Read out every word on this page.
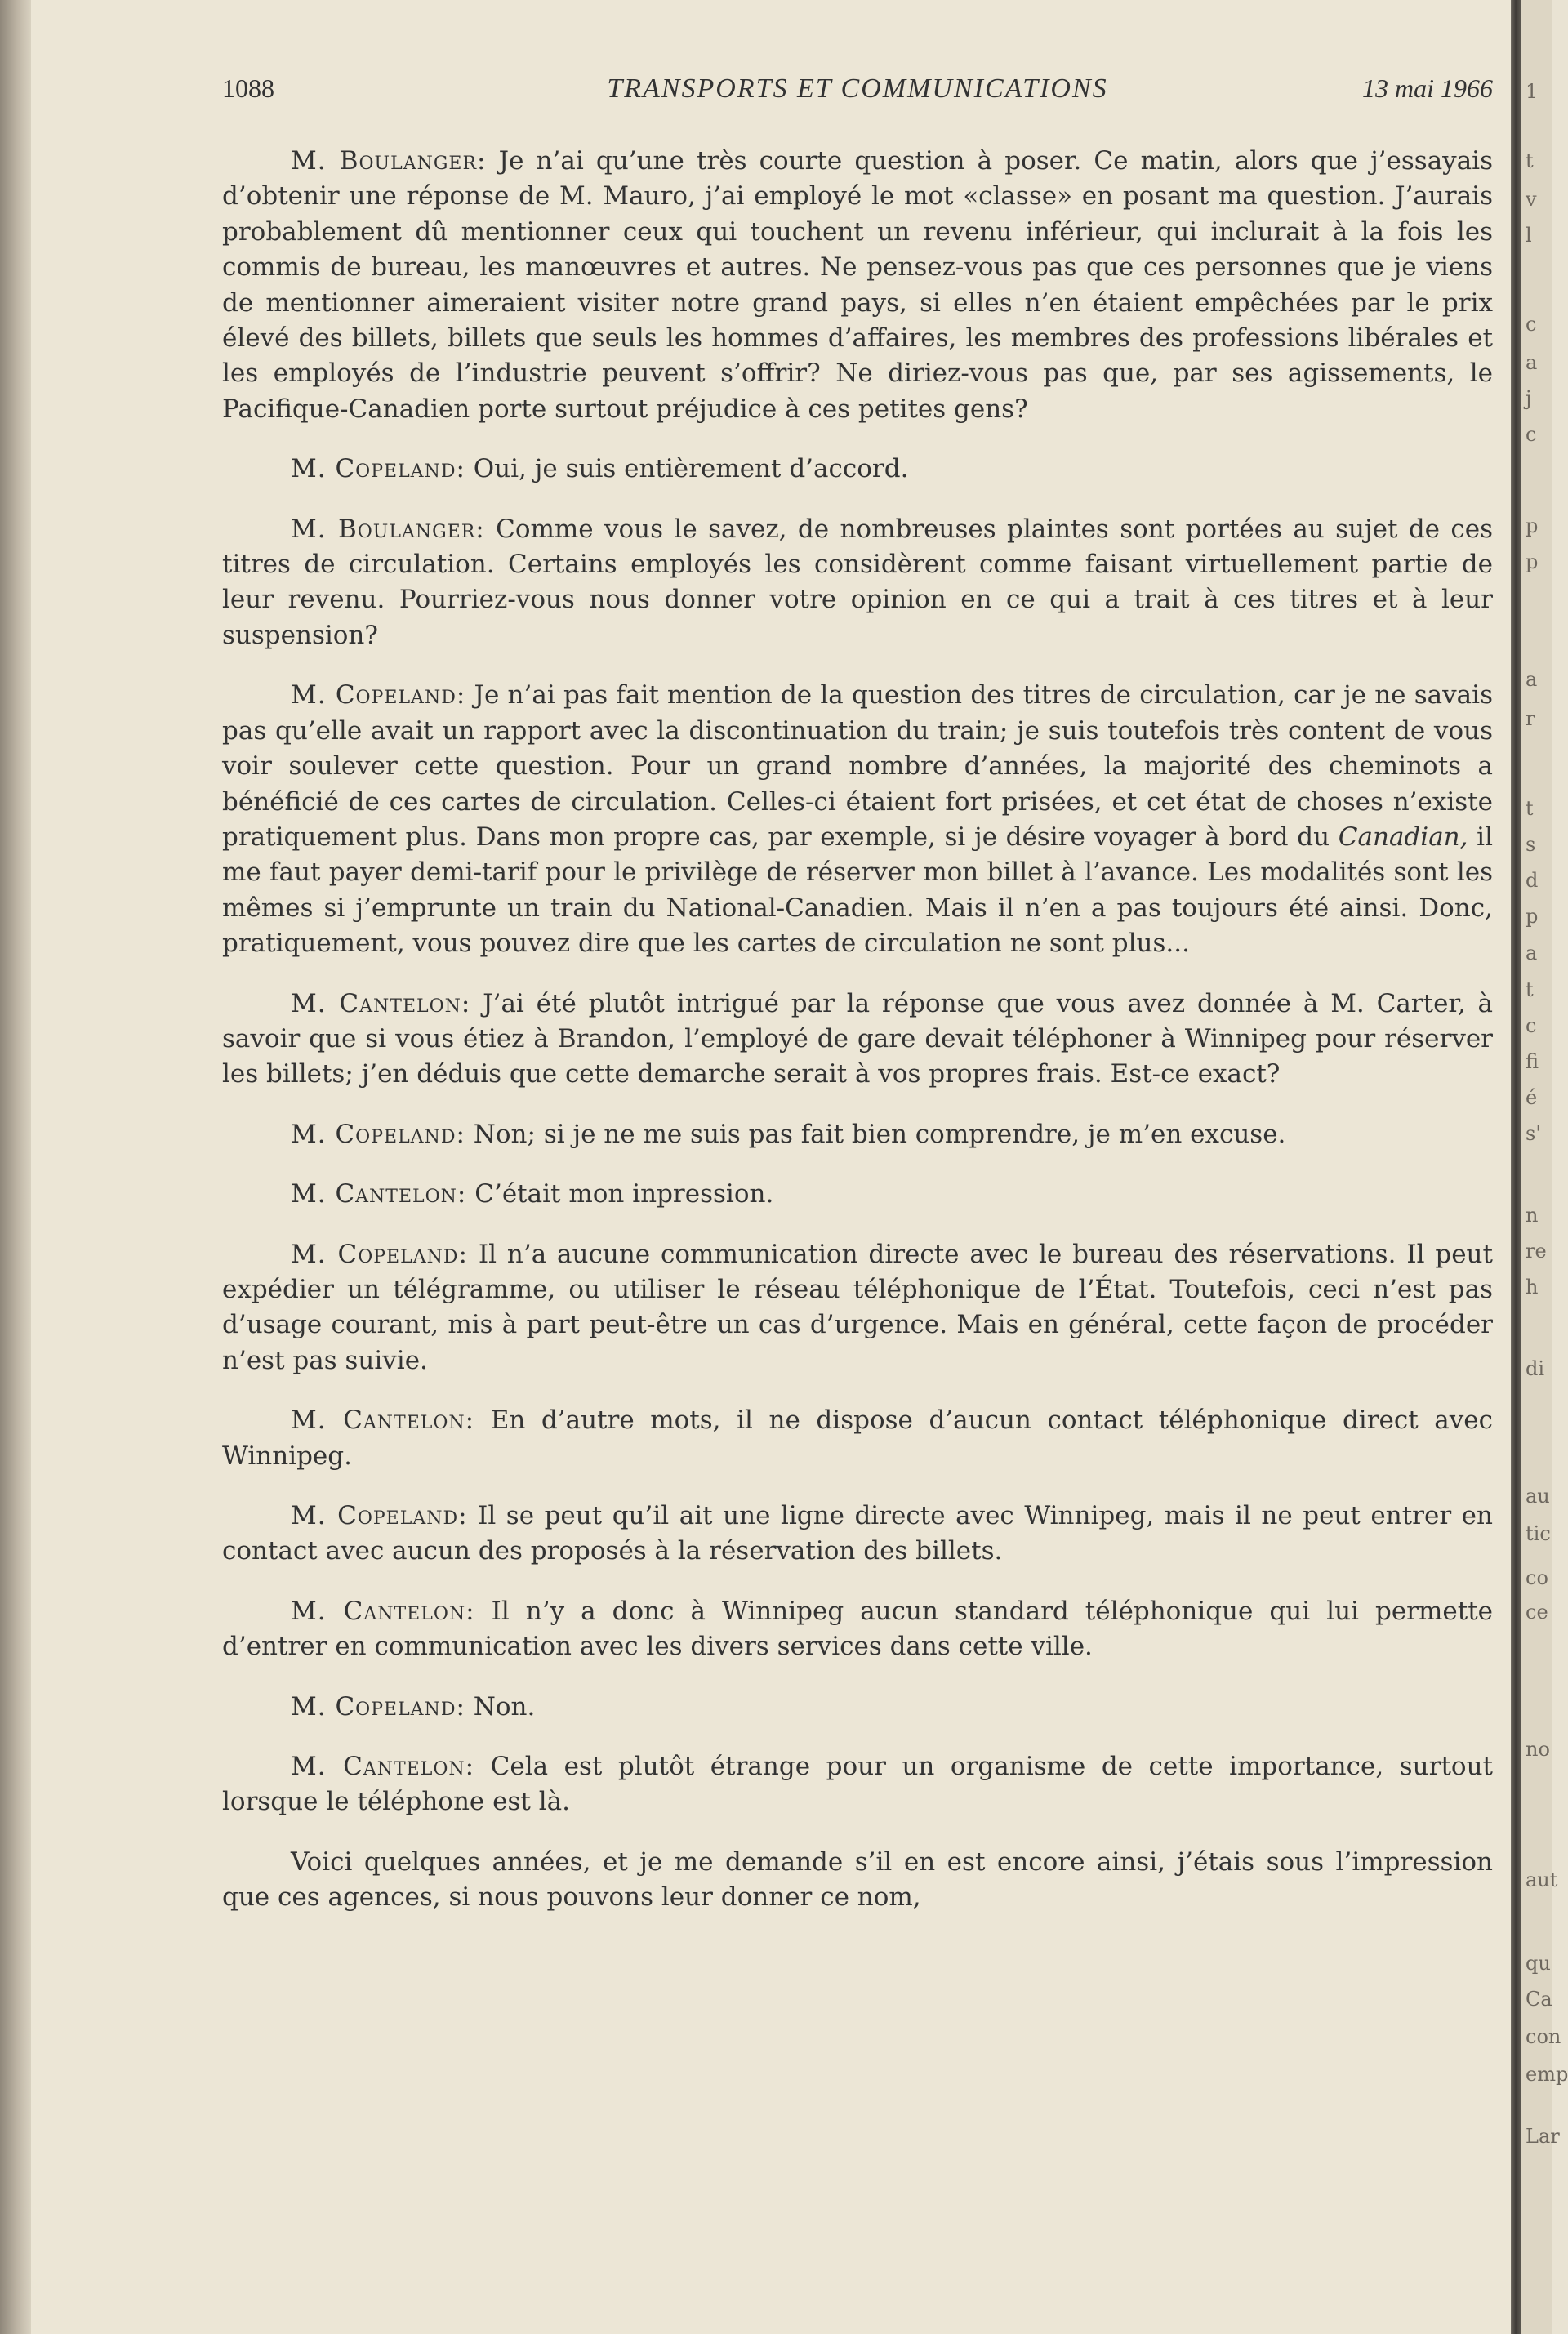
1088	TRANSPORTS ET COMMUNICATIONS	13 mai 1966

M. Boulanger: Je n’ai qu’une très courte question à poser. Ce matin, alors que j’essayais d’obtenir une réponse de M. Mauro, j’ai employé le mot «classe» en posant ma question. J’aurais probablement dû mentionner ceux qui touchent un revenu inférieur, qui inclurait à la fois les commis de bureau, les manœuvres et autres. Ne pensez-vous pas que ces personnes que je viens de mentionner aimeraient visiter notre grand pays, si elles n’en étaient empêchées par le prix élevé des billets, billets que seuls les hommes d’affaires, les membres des professions libérales et les employés de l’industrie peuvent s’offrir? Ne diriez-vous pas que, par ses agissements, le Pacifique-Canadien porte surtout préjudice à ces petites gens?

M. Copeland: Oui, je suis entièrement d’accord.

M. Boulanger: Comme vous le savez, de nombreuses plaintes sont portées au sujet de ces titres de circulation. Certains employés les considèrent comme faisant virtuellement partie de leur revenu. Pourriez-vous nous donner votre opinion en ce qui a trait à ces titres et à leur suspension?

M. Copeland: Je n’ai pas fait mention de la question des titres de circulation, car je ne savais pas qu’elle avait un rapport avec la discontinuation du train; je suis toutefois très content de vous voir soulever cette question. Pour un grand nombre d’années, la majorité des cheminots a bénéficié de ces cartes de circulation. Celles-ci étaient fort prisées, et cet état de choses n’existe pratiquement plus. Dans mon propre cas, par exemple, si je désire voyager à bord du Canadian, il me faut payer demi-tarif pour le privilège de réserver mon billet à l’avance. Les modalités sont les mêmes si j’emprunte un train du National-Canadien. Mais il n’en a pas toujours été ainsi. Donc, pratiquement, vous pouvez dire que les cartes de circulation ne sont plus...

M. Cantelon: J’ai été plutôt intrigué par la réponse que vous avez donnée à M. Carter, à savoir que si vous étiez à Brandon, l’employé de gare devait téléphoner à Winnipeg pour réserver les billets; j’en déduis que cette demarche serait à vos propres frais. Est-ce exact?

M. Copeland: Non; si je ne me suis pas fait bien comprendre, je m’en excuse.

M. Cantelon: C’était mon inpression.

M. Copeland: Il n’a aucune communication directe avec le bureau des réservations. Il peut expédier un télégramme, ou utiliser le réseau téléphonique de l’État. Toutefois, ceci n’est pas d’usage courant, mis à part peut-être un cas d’urgence. Mais en général, cette façon de procéder n’est pas suivie.

M. Cantelon: En d’autre mots, il ne dispose d’aucun contact téléphonique direct avec Winnipeg.

M. Copeland: Il se peut qu’il ait une ligne directe avec Winnipeg, mais il ne peut entrer en contact avec aucun des proposés à la réservation des billets.

M. Cantelon: Il n’y a donc à Winnipeg aucun standard téléphonique qui lui permette d’entrer en communication avec les divers services dans cette ville.

M. Copeland: Non.

M. Cantelon: Cela est plutôt étrange pour un organisme de cette importance, surtout lorsque le téléphone est là.

Voici quelques années, et je me demande s’il en est encore ainsi, j’étais sous l’impression que ces agences, si nous pouvons leur donner ce nom,

1
t
v
l
c
a
j
c
p
p
a
r
t
s
d
p
a
t
c
fi
é
s'
n
re
h
di
au
tic
co
ce
no
aut
qu
Ca
con
emp
Lar
